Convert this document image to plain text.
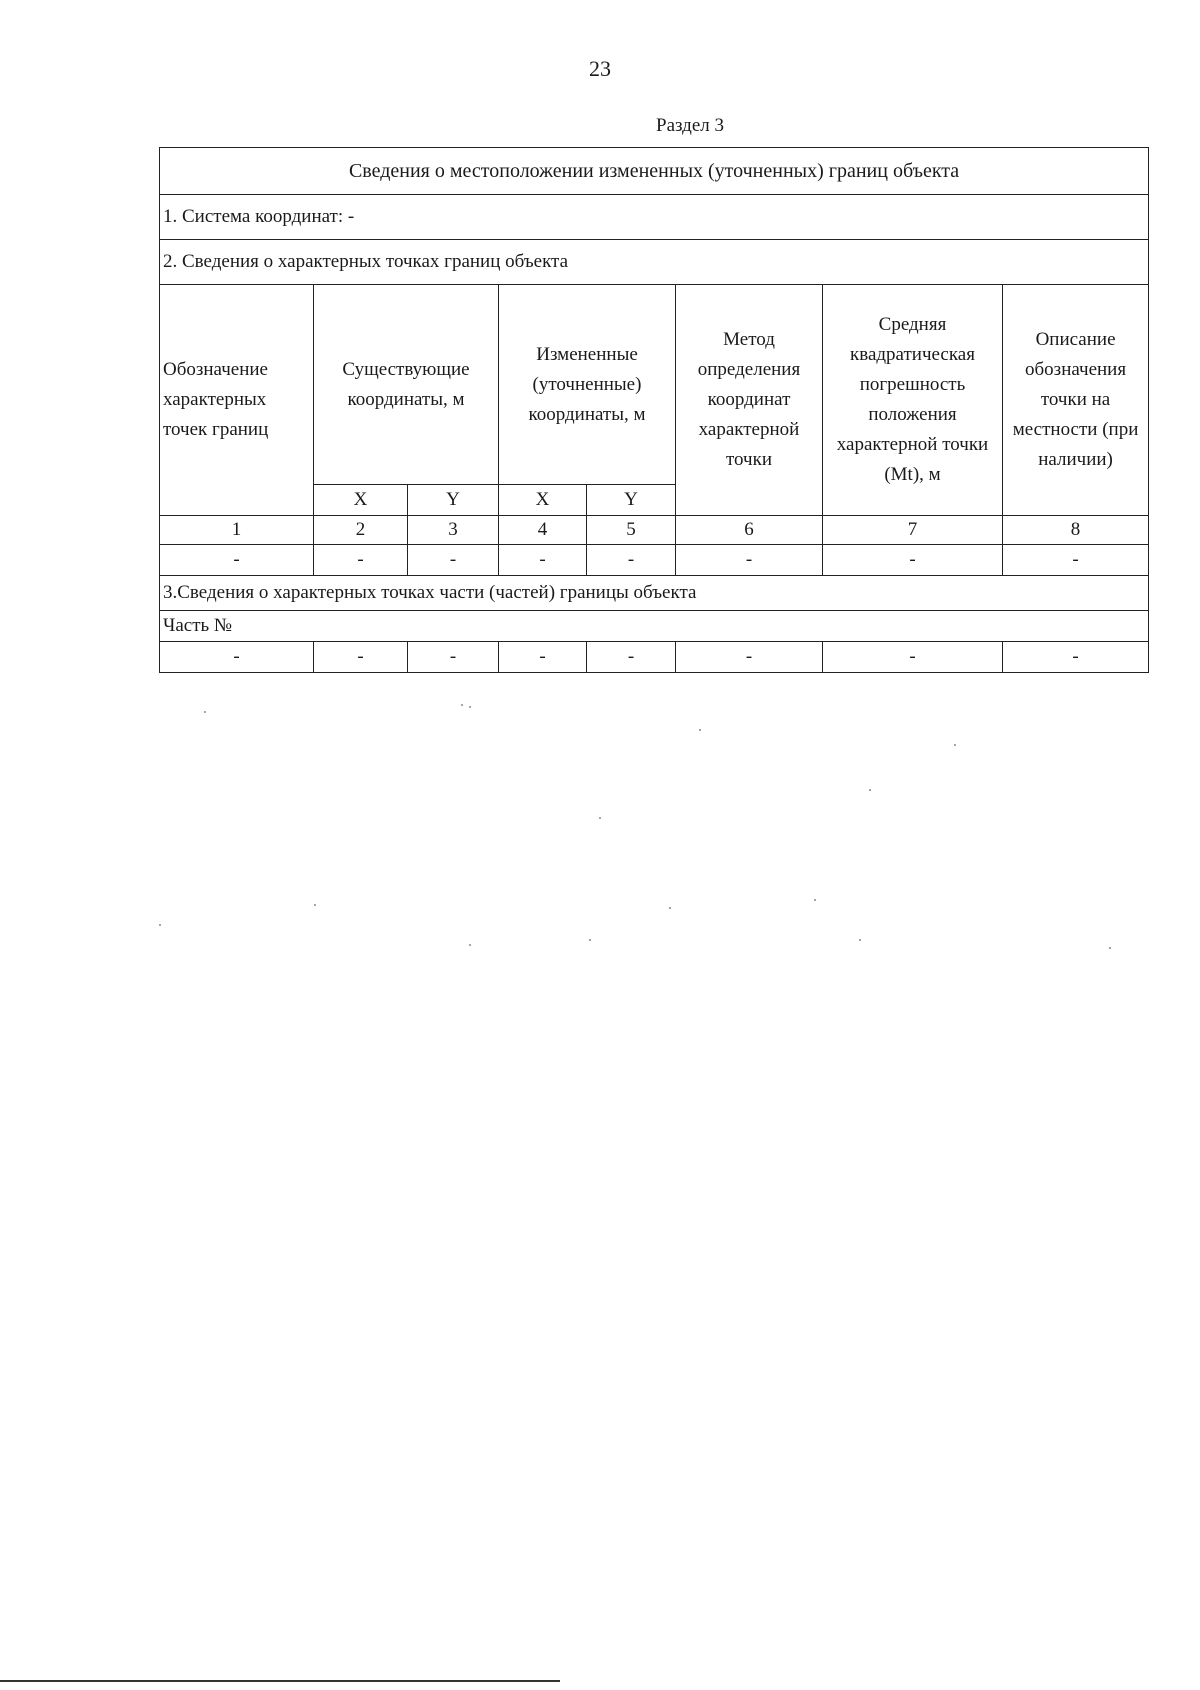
23
Раздел 3
Сведения о местоположении измененных (уточненных) границ объекта							
1. Система координат: -							
2. Сведения о характерных точках границ объекта							
Обозначение характерных точек границ	Существующие координаты, м		Измененные (уточненные) координаты, м		Метод определения координат характерной точки	Средняя квадратическая погрешность положения характерной точки (Mt), м	Описание обозначения точки на местности (при наличии)
	X	Y	X	Y			
1	2	3	4	5	6	7	8
-	-	-	-	-	-	-	-
3.Сведения о характерных точках части (частей) границы объекта							
Часть №							
-	-	-	-	-	-	-	-
